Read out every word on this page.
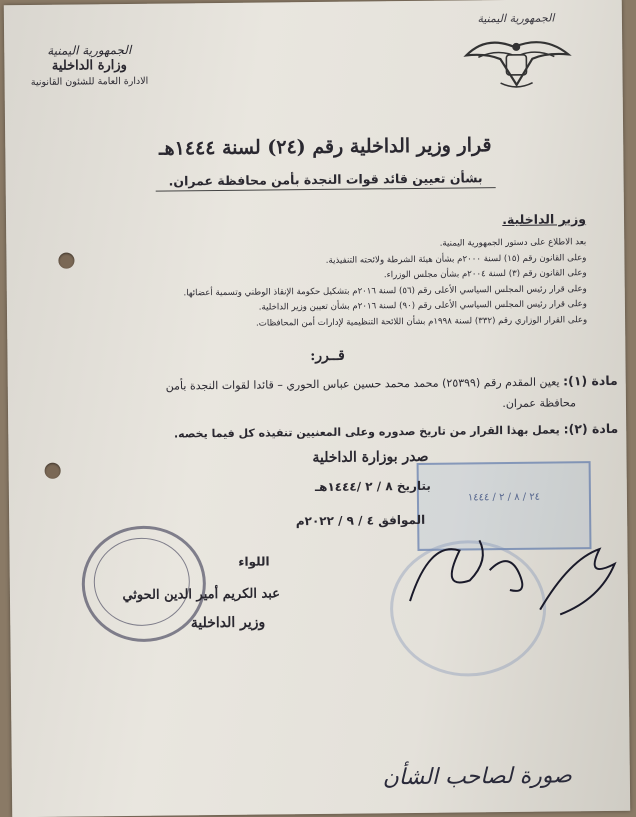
الجمهورية اليمنية
وزارة الداخلية
الادارة العامة للشئون القانونية
الجمهورية اليمنية
قرار وزير الداخلية رقم (٢٤) لسنة ١٤٤٤هـ
بشأن تعيين قائد قوات النجدة بأمن محافظة عمران.
وزير الداخلية.
بعد الاطلاع على دستور الجمهورية اليمنية.
وعلى القانون رقم (١٥) لسنة ٢٠٠٠م بشأن هيئة الشرطة ولائحته التنفيذية.
وعلى القانون رقم (٣) لسنة ٢٠٠٤م بشأن مجلس الوزراء.
وعلى قرار رئيس المجلس السياسي الأعلى رقم (٥٦) لسنة ٢٠١٦م بتشكيل حكومة الإنقاذ الوطني وتسمية أعضائها.
وعلى قرار رئيس المجلس السياسي الأعلى رقم (٩٠) لسنة ٢٠١٦م بشأن تعيين وزير الداخلية.
وعلى القرار الوزاري رقم (٣٣٢) لسنة ١٩٩٨م بشأن اللائحة التنظيمية لإدارات أمن المحافظات.
قــرر:
مادة (١): يعين المقدم رقم (٢٥٣٩٩) محمد محمد حسين عباس الحوري – قائدا لقوات النجدة بأمن
محافظة عمران.
مادة (٢): يعمل بهذا القرار من تاريخ صدوره وعلى المعنيين تنفيذه كل فيما يخصه.
صدر بوزارة الداخلية
٢٤ / ٨ / ٢ / ١٤٤٤
بتاريخ ٨ / ٢ /١٤٤٤هـ
الموافق ٤ / ٩ / ٢٠٢٢م
اللواء
عبد الكريم أمير الدين الحوثي
وزير الداخلية
صورة لصاحب الشأن
